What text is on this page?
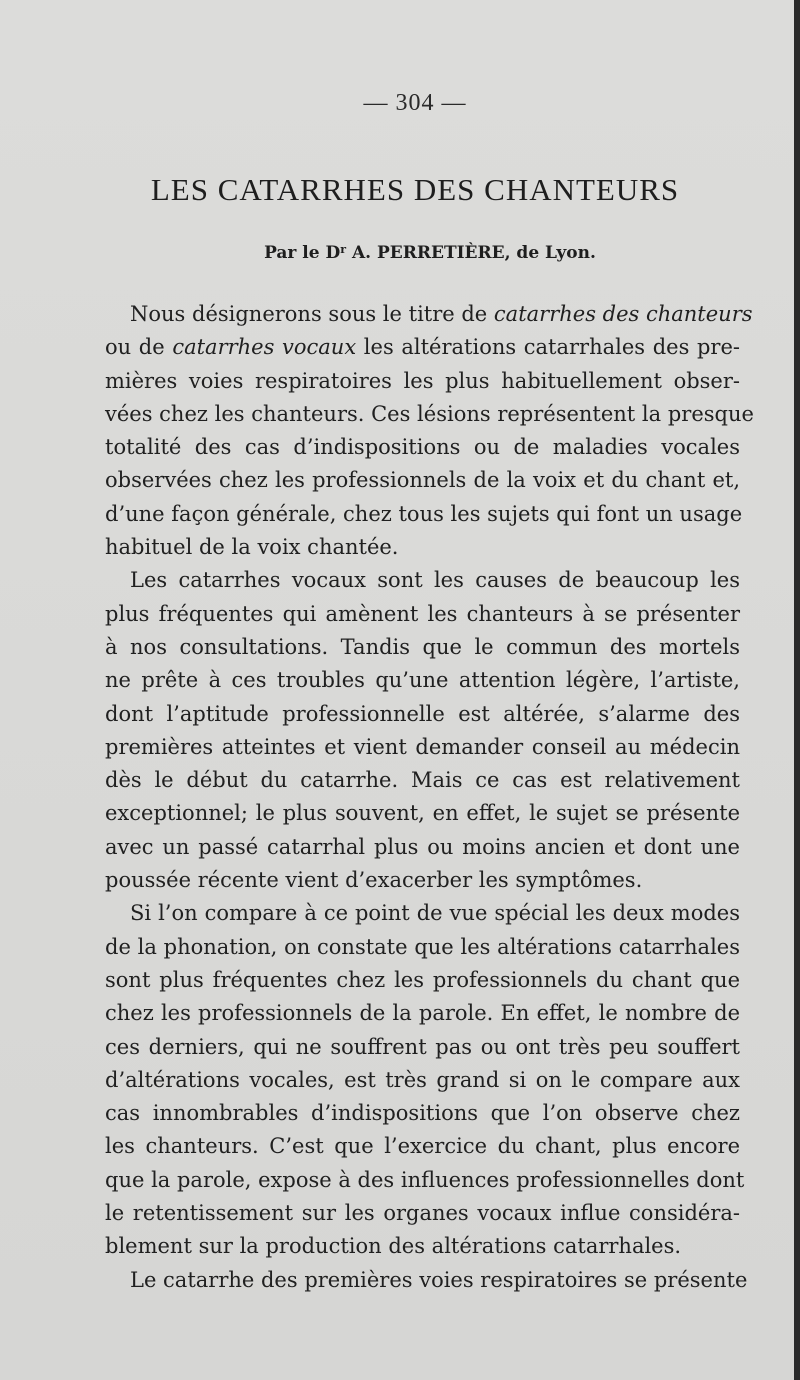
— 304 —
LES CATARRHES DES CHANTEURS
Par le $D^r$ A. PERRETIÈRE, de Lyon.
Nous désignerons sous le titre de catarrhes des chanteurs
ou de catarrhes vocaux les altérations catarrhales des pre-
mières voies respiratoires les plus habituellement obser-
vées chez les chanteurs. Ces lésions représentent la presque
totalité des cas d’indispositions ou de maladies vocales
observées chez les professionnels de la voix et du chant et,
d’une façon générale, chez tous les sujets qui font un usage
habituel de la voix chantée.
Les catarrhes vocaux sont les causes de beaucoup les
plus fréquentes qui amènent les chanteurs à se présenter
à nos consultations. Tandis que le commun des mortels
ne prête à ces troubles qu’une attention légère, l’artiste,
dont l’aptitude professionnelle est altérée, s’alarme des
premières atteintes et vient demander conseil au médecin
dès le début du catarrhe. Mais ce cas est relativement
exceptionnel; le plus souvent, en effet, le sujet se présente
avec un passé catarrhal plus ou moins ancien et dont une
poussée récente vient d’exacerber les symptômes.
Si l’on compare à ce point de vue spécial les deux modes
de la phonation, on constate que les altérations catarrhales
sont plus fréquentes chez les professionnels du chant que
chez les professionnels de la parole. En effet, le nombre de
ces derniers, qui ne souffrent pas ou ont très peu souffert
d’altérations vocales, est très grand si on le compare aux
cas innombrables d’indispositions que l’on observe chez
les chanteurs. C’est que l’exercice du chant, plus encore
que la parole, expose à des influences professionnelles dont
le retentissement sur les organes vocaux influe considéra-
blement sur la production des altérations catarrhales.
Le catarrhe des premières voies respiratoires se présente
